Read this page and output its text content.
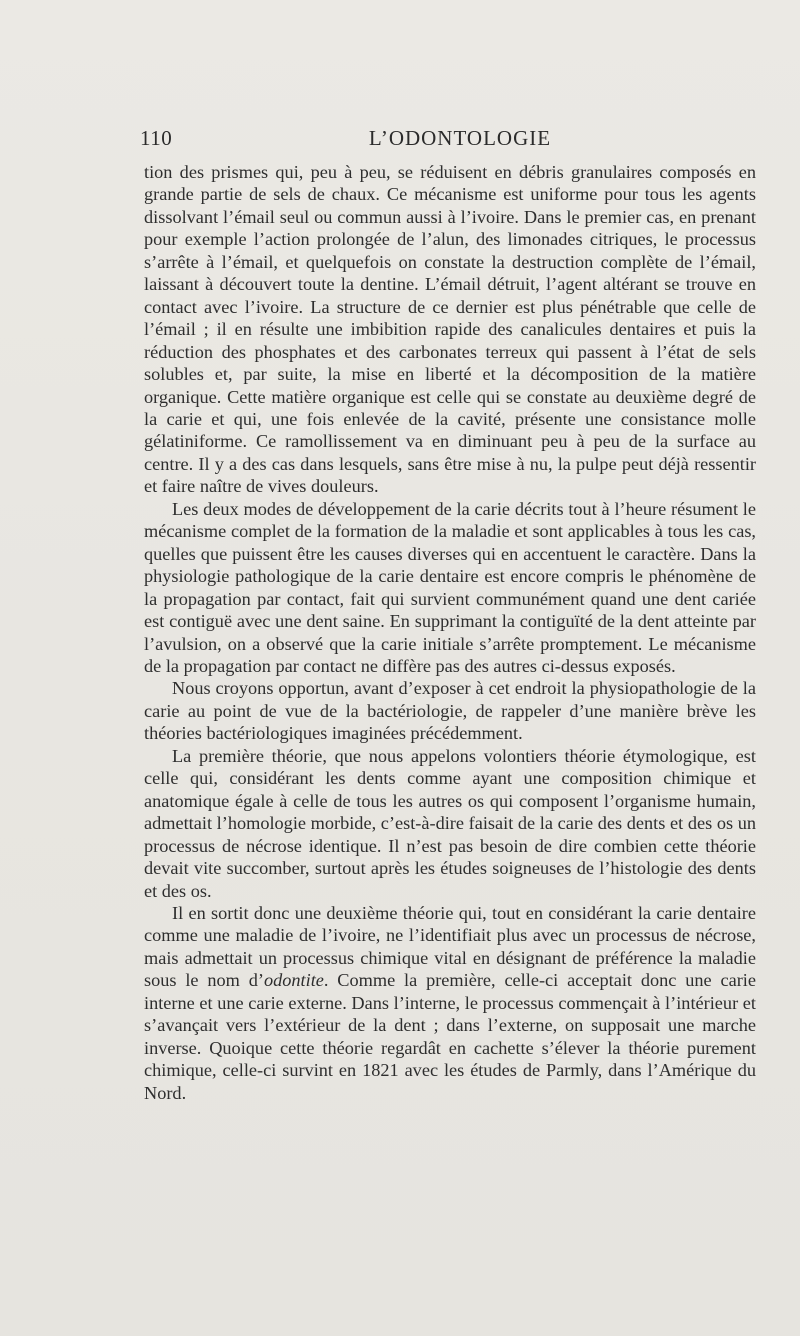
110	L’ODONTOLOGIE

tion des prismes qui, peu à peu, se réduisent en débris granulaires composés en grande partie de sels de chaux. Ce mécanisme est uniforme pour tous les agents dissolvant l’émail seul ou commun aussi à l’ivoire. Dans le premier cas, en prenant pour exemple l’action prolongée de l’alun, des limonades citriques, le processus s’arrête à l’émail, et quelquefois on constate la destruction complète de l’émail, laissant à découvert toute la dentine. L’émail détruit, l’agent altérant se trouve en contact avec l’ivoire. La structure de ce dernier est plus pénétrable que celle de l’émail ; il en résulte une imbibition rapide des canalicules dentaires et puis la réduction des phosphates et des carbonates terreux qui passent à l’état de sels solubles et, par suite, la mise en liberté et la décomposition de la matière organique. Cette matière organique est celle qui se constate au deuxième degré de la carie et qui, une fois enlevée de la cavité, présente une consistance molle gélatiniforme. Ce ramollissement va en diminuant peu à peu de la surface au centre. Il y a des cas dans lesquels, sans être mise à nu, la pulpe peut déjà ressentir et faire naître de vives douleurs.

Les deux modes de développement de la carie décrits tout à l’heure résument le mécanisme complet de la formation de la maladie et sont applicables à tous les cas, quelles que puissent être les causes diverses qui en accentuent le caractère. Dans la physiologie pathologique de la carie dentaire est encore compris le phénomène de la propagation par contact, fait qui survient communément quand une dent cariée est contiguë avec une dent saine. En supprimant la contiguïté de la dent atteinte par l’avulsion, on a observé que la carie initiale s’arrête promptement. Le mécanisme de la propagation par contact ne diffère pas des autres ci-dessus exposés.

Nous croyons opportun, avant d’exposer à cet endroit la physiopathologie de la carie au point de vue de la bactériologie, de rappeler d’une manière brève les théories bactériologiques imaginées précédemment.

La première théorie, que nous appelons volontiers théorie étymologique, est celle qui, considérant les dents comme ayant une composition chimique et anatomique égale à celle de tous les autres os qui composent l’organisme humain, admettait l’homologie morbide, c’est-à-dire faisait de la carie des dents et des os un processus de nécrose identique. Il n’est pas besoin de dire combien cette théorie devait vite succomber, surtout après les études soigneuses de l’histologie des dents et des os.

Il en sortit donc une deuxième théorie qui, tout en considérant la carie dentaire comme une maladie de l’ivoire, ne l’identifiait plus avec un processus de nécrose, mais admettait un processus chimique vital en désignant de préférence la maladie sous le nom d’odontite. Comme la première, celle-ci acceptait donc une carie interne et une carie externe. Dans l’interne, le processus commençait à l’intérieur et s’avançait vers l’extérieur de la dent ; dans l’externe, on supposait une marche inverse. Quoique cette théorie regardât en cachette s’élever la théorie purement chimique, celle-ci survint en 1821 avec les études de Parmly, dans l’Amérique du Nord.
